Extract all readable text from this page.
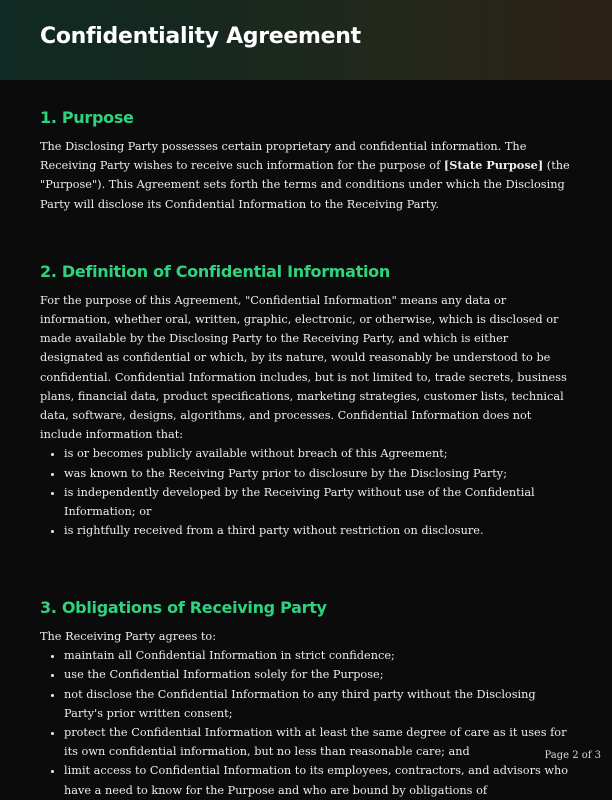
Confidentiality Agreement
1. Purpose

The Disclosing Party possesses certain proprietary and confidential information. The Receiving Party wishes to receive such information for the purpose of [State Purpose] (the "Purpose"). This Agreement sets forth the terms and conditions under which the Disclosing Party will disclose its Confidential Information to the Receiving Party.

2. Definition of Confidential Information

For the purpose of this Agreement, "Confidential Information" means any data or information, whether oral, written, graphic, electronic, or otherwise, which is disclosed or made available by the Disclosing Party to the Receiving Party, and which is either designated as confidential or which, by its nature, would reasonably be understood to be confidential. Confidential Information includes, but is not limited to, trade secrets, business plans, financial data, product specifications, marketing strategies, customer lists, technical data, software, designs, algorithms, and processes. Confidential Information does not include information that:

• is or becomes publicly available without breach of this Agreement;
• was known to the Receiving Party prior to disclosure by the Disclosing Party;
• is independently developed by the Receiving Party without use of the Confidential Information; or
• is rightfully received from a third party without restriction on disclosure.
3. Obligations of Receiving Party

The Receiving Party agrees to:

• maintain all Confidential Information in strict confidence;
• use the Confidential Information solely for the Purpose;
• not disclose the Confidential Information to any third party without the Disclosing Party's prior written consent;
• protect the Confidential Information with at least the same degree of care as it uses for its own confidential information, but no less than reasonable care; and
• limit access to Confidential Information to its employees, contractors, and advisors who have a need to know for the Purpose and who are bound by obligations of
Page 2 of 3
